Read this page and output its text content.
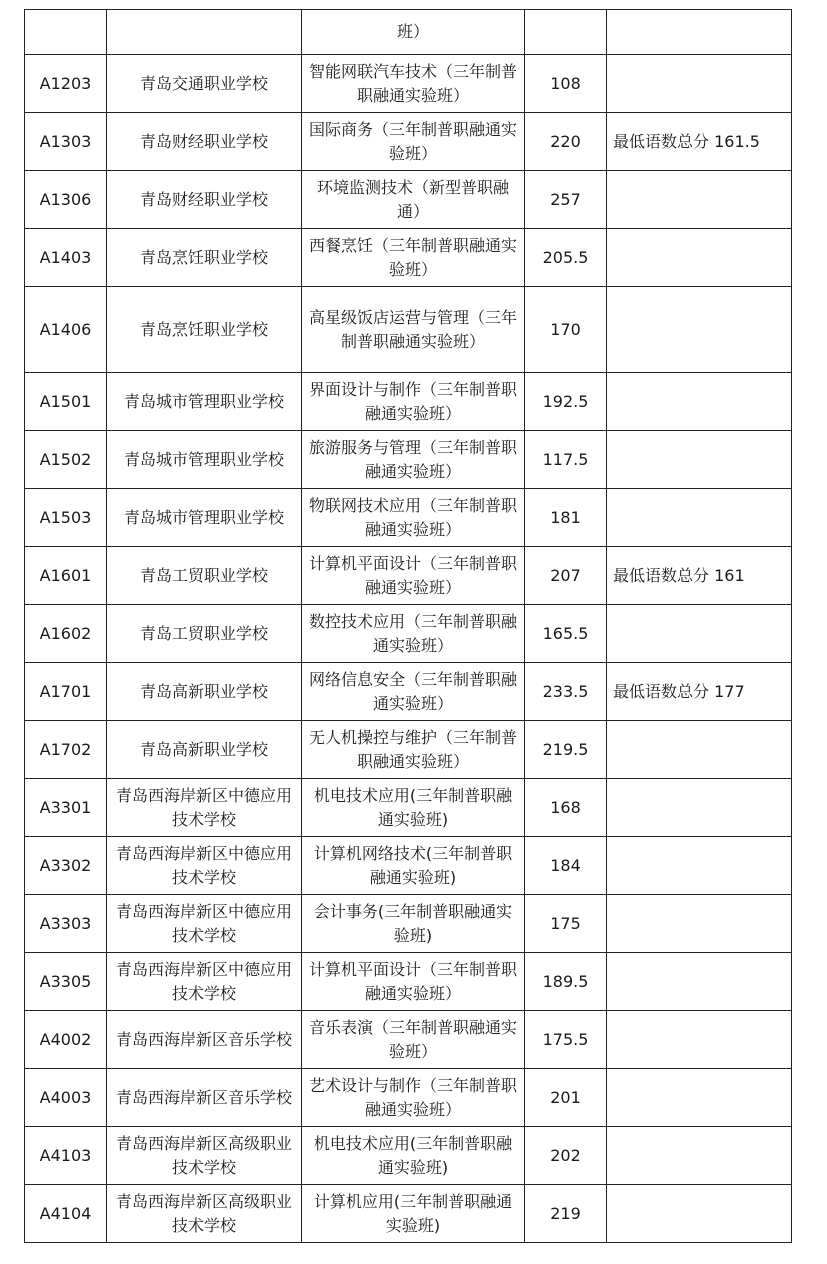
		班）		
A1203	青岛交通职业学校	智能网联汽车技术（三年制普职融通实验班）	108	
A1303	青岛财经职业学校	国际商务（三年制普职融通实验班）	220	最低语数总分 161.5
A1306	青岛财经职业学校	环境监测技术（新型普职融通）	257	
A1403	青岛烹饪职业学校	西餐烹饪（三年制普职融通实验班）	205.5	
A1406	青岛烹饪职业学校	高星级饭店运营与管理（三年制普职融通实验班）	170	
A1501	青岛城市管理职业学校	界面设计与制作（三年制普职融通实验班）	192.5	
A1502	青岛城市管理职业学校	旅游服务与管理（三年制普职融通实验班）	117.5	
A1503	青岛城市管理职业学校	物联网技术应用（三年制普职融通实验班）	181	
A1601	青岛工贸职业学校	计算机平面设计（三年制普职融通实验班）	207	最低语数总分 161
A1602	青岛工贸职业学校	数控技术应用（三年制普职融通实验班）	165.5	
A1701	青岛高新职业学校	网络信息安全（三年制普职融通实验班）	233.5	最低语数总分 177
A1702	青岛高新职业学校	无人机操控与维护（三年制普职融通实验班）	219.5	
A3301	青岛西海岸新区中德应用技术学校	机电技术应用(三年制普职融通实验班)	168	
A3302	青岛西海岸新区中德应用技术学校	计算机网络技术(三年制普职融通实验班)	184	
A3303	青岛西海岸新区中德应用技术学校	会计事务(三年制普职融通实验班)	175	
A3305	青岛西海岸新区中德应用技术学校	计算机平面设计（三年制普职融通实验班）	189.5	
A4002	青岛西海岸新区音乐学校	音乐表演（三年制普职融通实验班）	175.5	
A4003	青岛西海岸新区音乐学校	艺术设计与制作（三年制普职融通实验班）	201	
A4103	青岛西海岸新区高级职业技术学校	机电技术应用(三年制普职融通实验班)	202	
A4104	青岛西海岸新区高级职业技术学校	计算机应用(三年制普职融通实验班)	219	
